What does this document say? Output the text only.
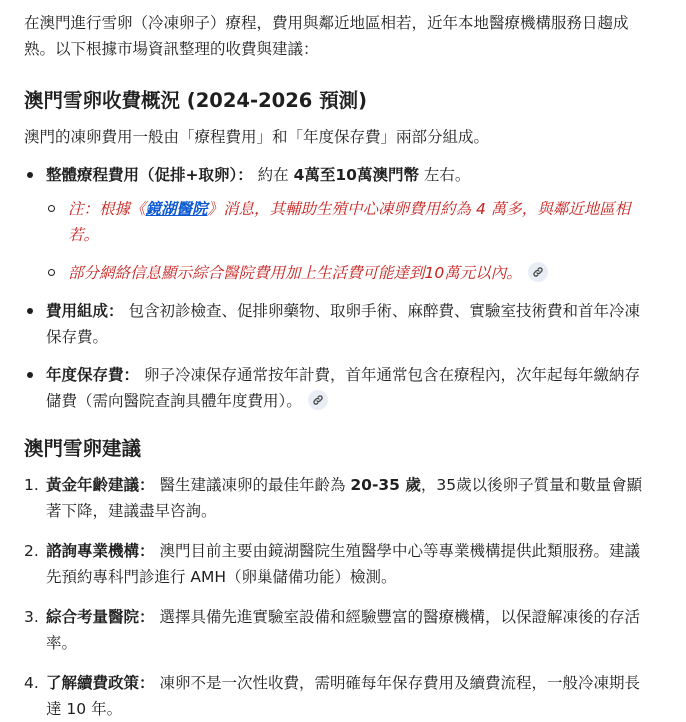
在澳門進行雪卵（冷凍卵子）療程，費用與鄰近地區相若，近年本地醫療機構服務日趨成熟。以下根據市場資訊整理的收費與建議：

澳門雪卵收費概況 (2024-2026 預測)

澳門的凍卵費用一般由「療程費用」和「年度保存費」兩部分組成。

整體療程費用（促排+取卵）： 約在 4萬至10萬澳門幣 左右。
注：根據《鏡湖醫院》消息，其輔助生殖中心凍卵費用約為 4 萬多，與鄰近地區相若。
部分網絡信息顯示綜合醫院費用加上生活費可能達到10萬元以內。
費用組成： 包含初診檢查、促排卵藥物、取卵手術、麻醉費、實驗室技術費和首年冷凍保存費。
年度保存費： 卵子冷凍保存通常按年計費，首年通常包含在療程內，次年起每年繳納存儲費（需向醫院查詢具體年度費用）。
澳門雪卵建議
1. 黃金年齡建議： 醫生建議凍卵的最佳年齡為 20-35 歲，35歲以後卵子質量和數量會顯著下降，建議盡早咨詢。
2. 諮詢專業機構： 澳門目前主要由鏡湖醫院生殖醫學中心等專業機構提供此類服務。建議先預約專科門診進行 AMH（卵巢儲備功能）檢測。
3. 綜合考量醫院： 選擇具備先進實驗室設備和經驗豐富的醫療機構，以保證解凍後的存活率。
4. 了解續費政策： 凍卵不是一次性收費，需明確每年保存費用及續費流程，一般冷凍期長達 10 年。
